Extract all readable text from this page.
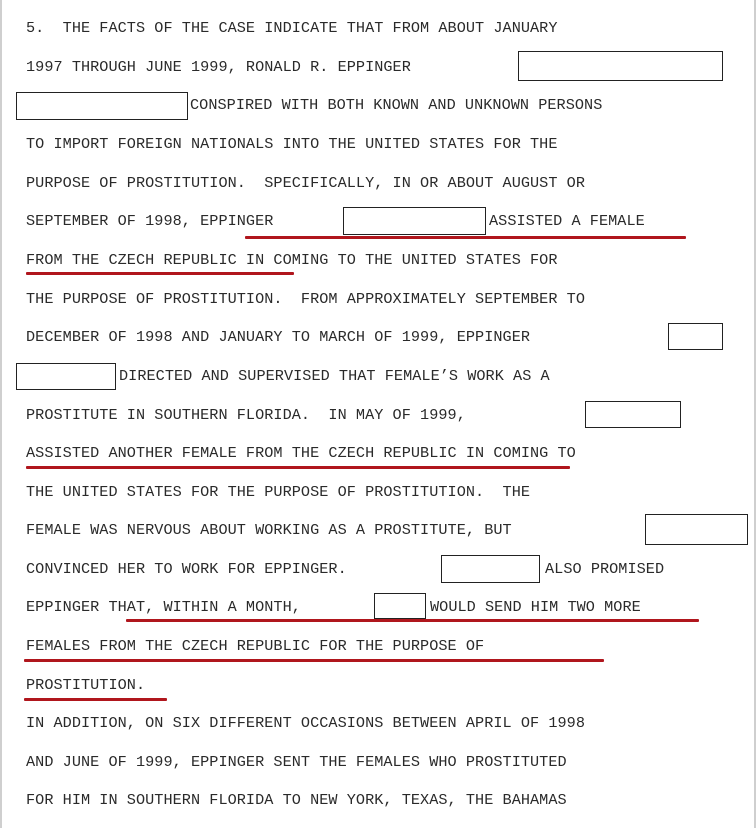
5.  THE FACTS OF THE CASE INDICATE THAT FROM ABOUT JANUARY
1997 THROUGH JUNE 1999, RONALD R. EPPINGER
CONSPIRED WITH BOTH KNOWN AND UNKNOWN PERSONS
TO IMPORT FOREIGN NATIONALS INTO THE UNITED STATES FOR THE
PURPOSE OF PROSTITUTION.  SPECIFICALLY, IN OR ABOUT AUGUST OR
SEPTEMBER OF 1998, EPPINGER	ASSISTED A FEMALE
FROM THE CZECH REPUBLIC IN COMING TO THE UNITED STATES FOR
THE PURPOSE OF PROSTITUTION.  FROM APPROXIMATELY SEPTEMBER TO
DECEMBER OF 1998 AND JANUARY TO MARCH OF 1999, EPPINGER
DIRECTED AND SUPERVISED THAT FEMALE’S WORK AS A
PROSTITUTE IN SOUTHERN FLORIDA.  IN MAY OF 1999,
ASSISTED ANOTHER FEMALE FROM THE CZECH REPUBLIC IN COMING TO
THE UNITED STATES FOR THE PURPOSE OF PROSTITUTION.  THE
FEMALE WAS NERVOUS ABOUT WORKING AS A PROSTITUTE, BUT
CONVINCED HER TO WORK FOR EPPINGER.	ALSO PROMISED
EPPINGER THAT, WITHIN A MONTH,	WOULD SEND HIM TWO MORE
FEMALES FROM THE CZECH REPUBLIC FOR THE PURPOSE OF
PROSTITUTION.
IN ADDITION, ON SIX DIFFERENT OCCASIONS BETWEEN APRIL OF 1998
AND JUNE OF 1999, EPPINGER SENT THE FEMALES WHO PROSTITUTED
FOR HIM IN SOUTHERN FLORIDA TO NEW YORK, TEXAS, THE BAHAMAS
